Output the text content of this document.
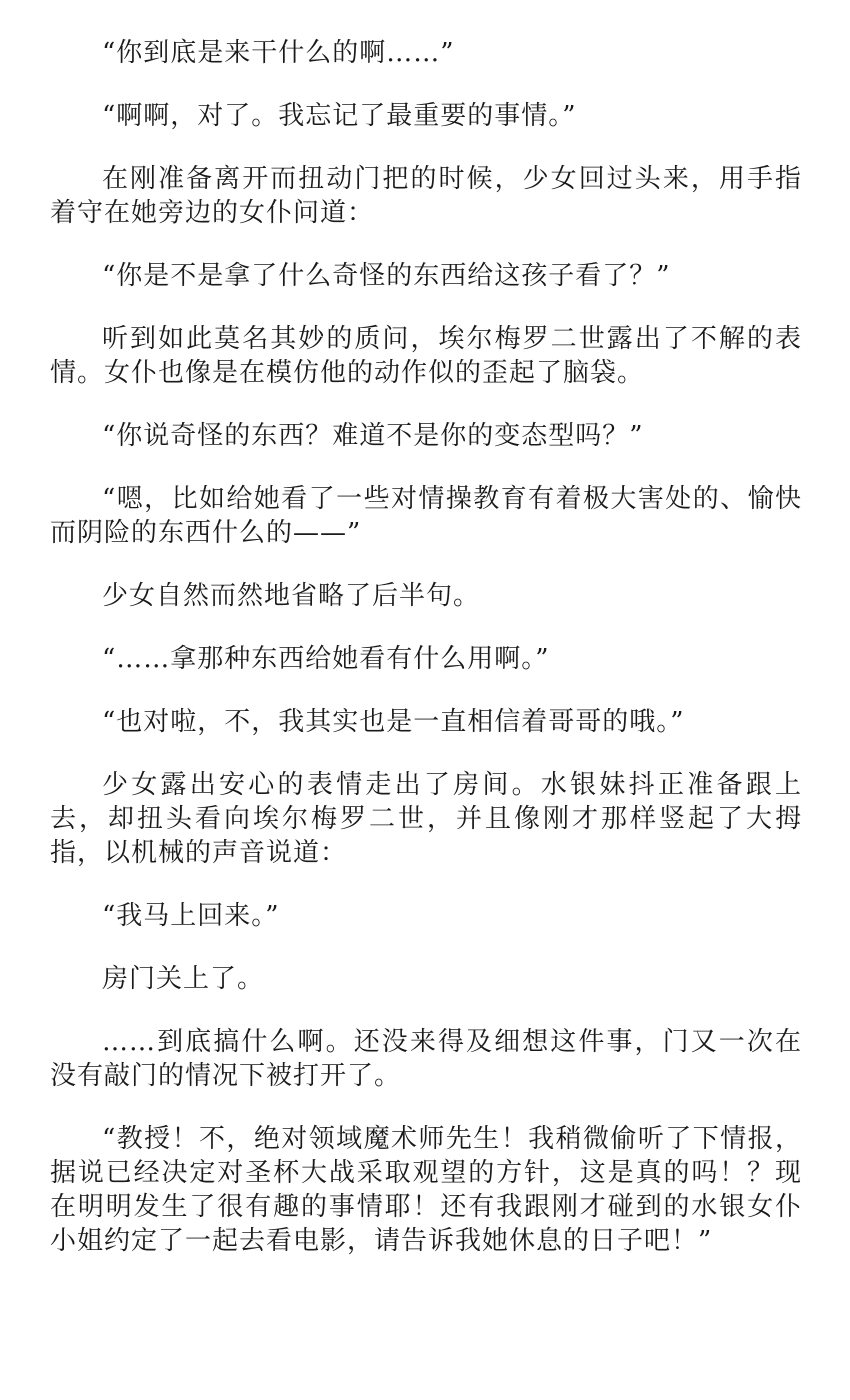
“你到底是来干什么的啊……”

“啊啊，对了。我忘记了最重要的事情。”

在刚准备离开而扭动门把的时候，少女回过头来，用手指着守在她旁边的女仆问道：

“你是不是拿了什么奇怪的东西给这孩子看了？”

听到如此莫名其妙的质问，埃尔梅罗二世露出了不解的表情。女仆也像是在模仿他的动作似的歪起了脑袋。

“你说奇怪的东西？难道不是你的变态型吗？”

“嗯，比如给她看了一些对情操教育有着极大害处的、愉快而阴险的东西什么的——”

少女自然而然地省略了后半句。

“……拿那种东西给她看有什么用啊。”

“也对啦，不，我其实也是一直相信着哥哥的哦。”

少女露出安心的表情走出了房间。水银妹抖正准备跟上去，却扭头看向埃尔梅罗二世，并且像刚才那样竖起了大拇指，以机械的声音说道：

“我马上回来。”

房门关上了。

……到底搞什么啊。还没来得及细想这件事，门又一次在没有敲门的情况下被打开了。

“教授！不，绝对领域魔术师先生！我稍微偷听了下情报，据说已经决定对圣杯大战采取观望的方针，这是真的吗！？现在明明发生了很有趣的事情耶！还有我跟刚才碰到的水银女仆小姐约定了一起去看电影，请告诉我她休息的日子吧！”
